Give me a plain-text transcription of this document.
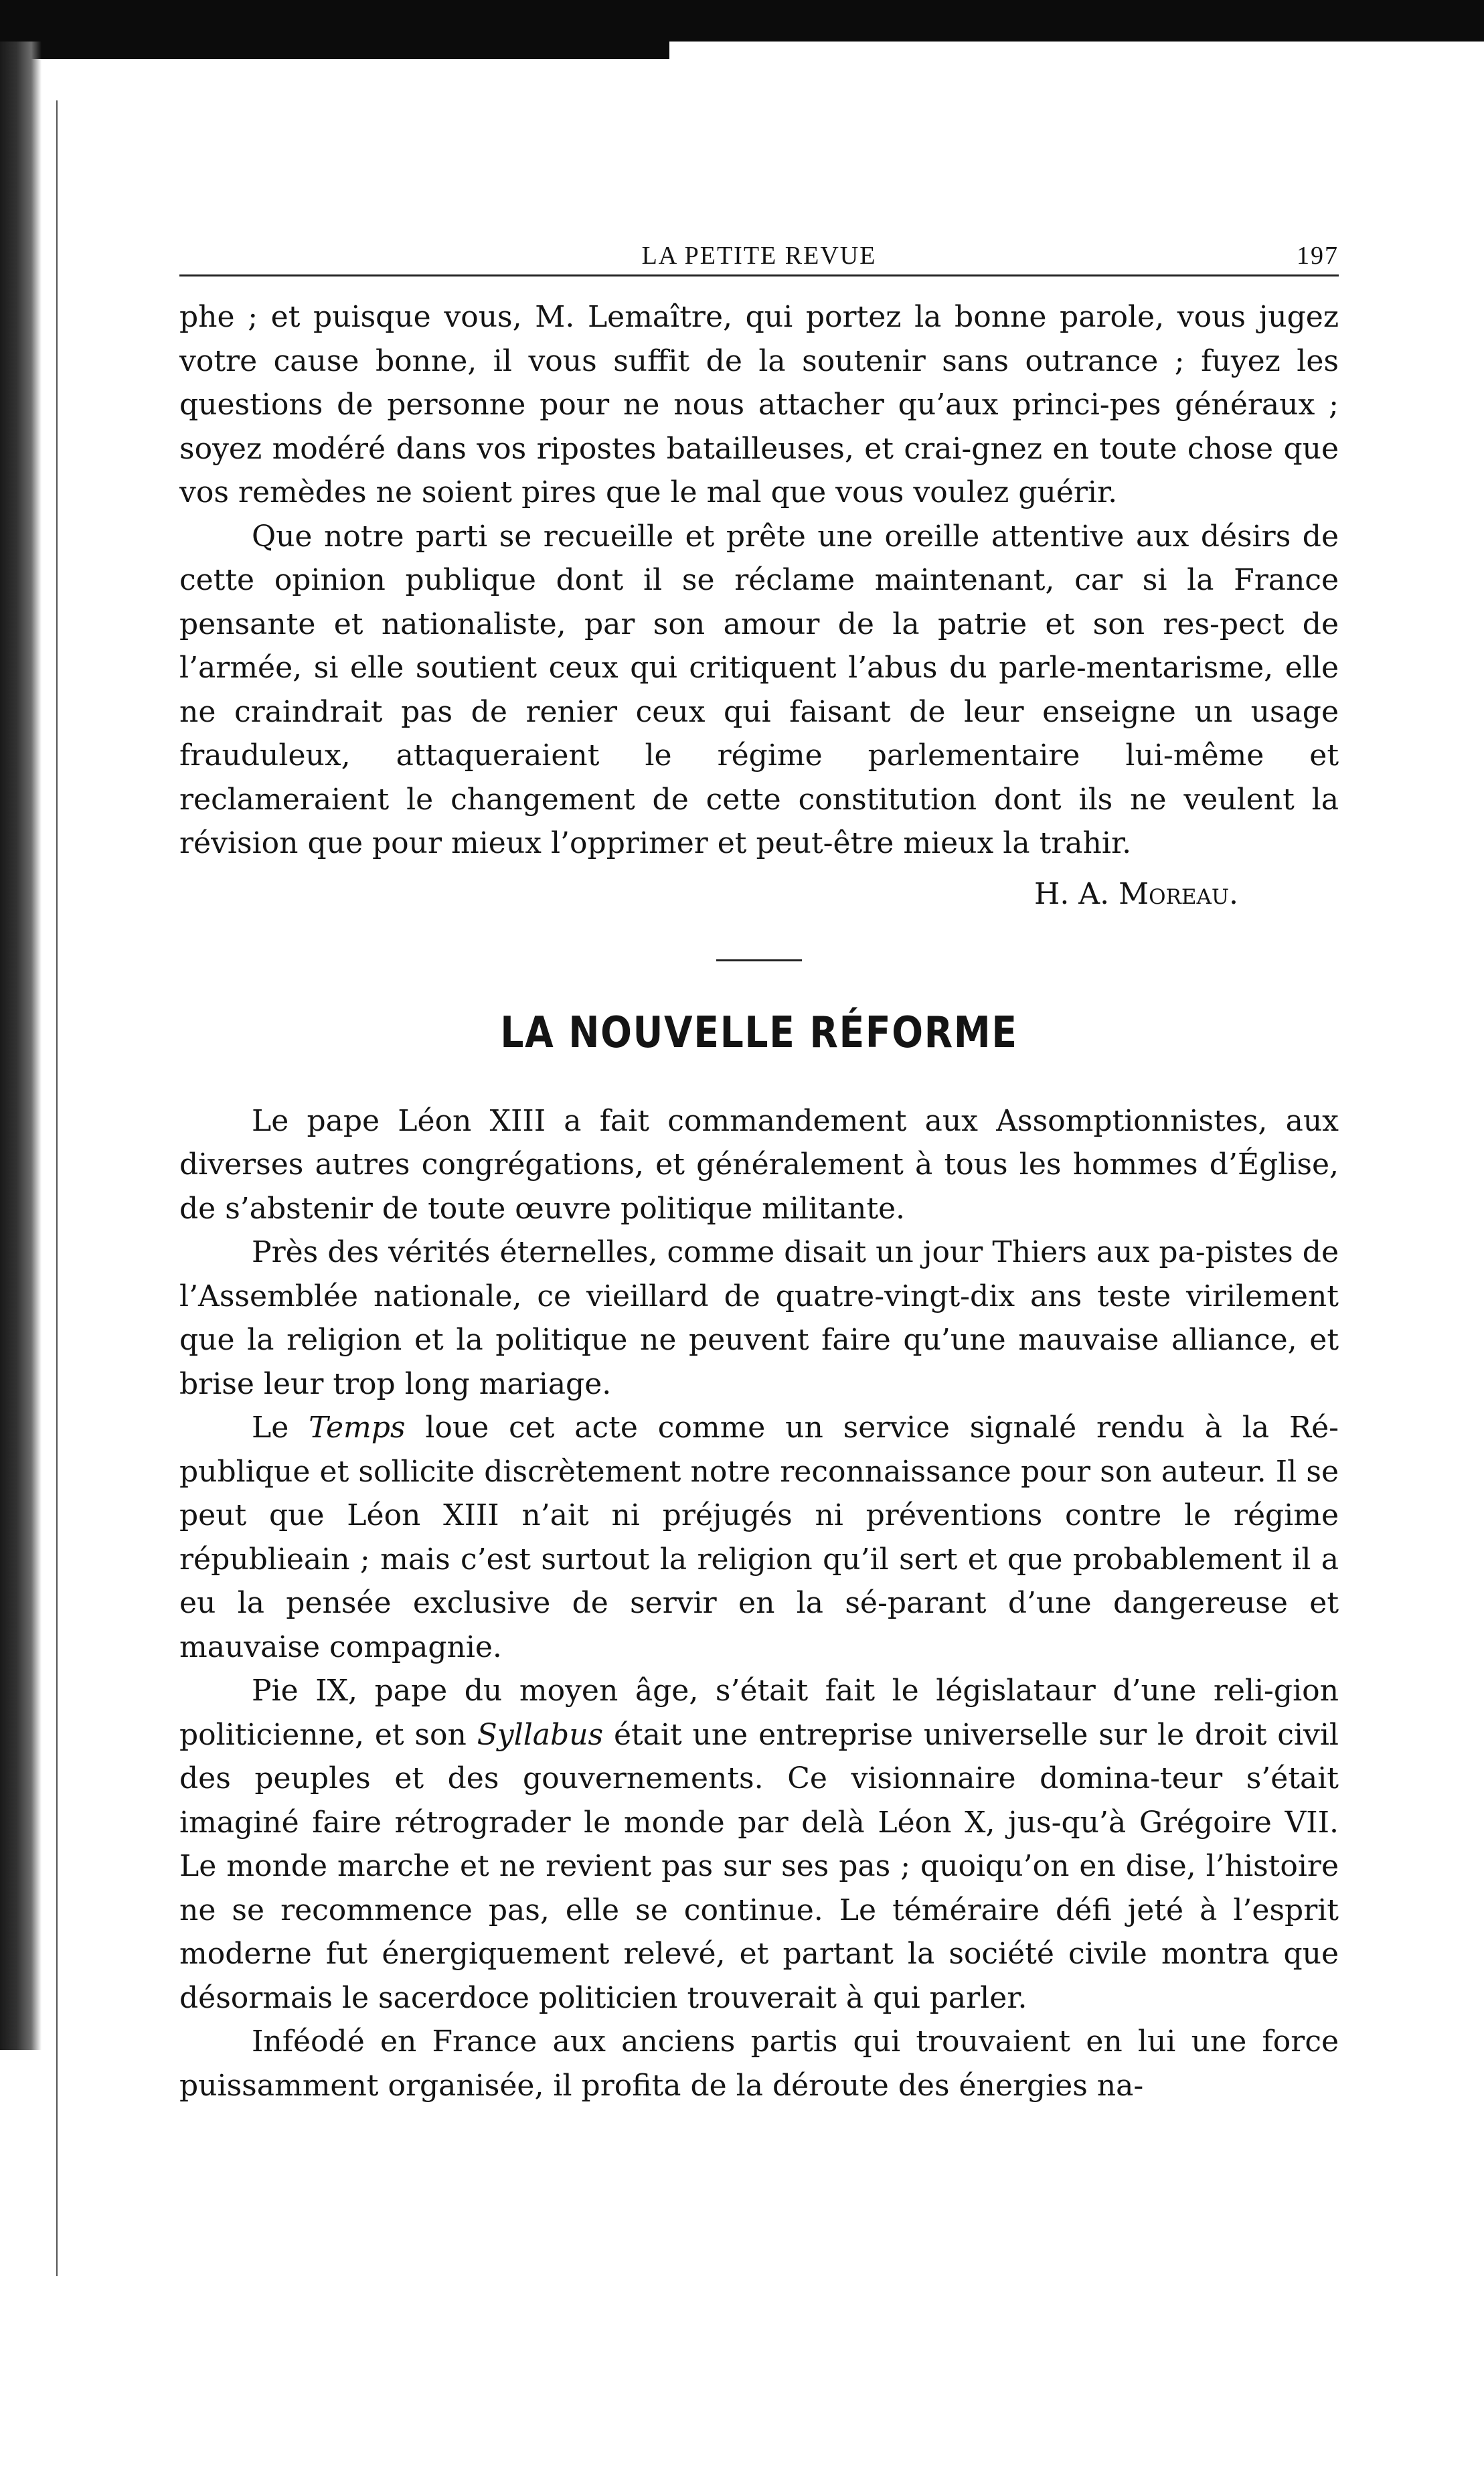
LA PETITE REVUE	197

phe ; et puisque vous, M. Lemaître, qui portez la bonne parole, vous jugez votre cause bonne, il vous suffit de la soutenir sans outrance ; fuyez les questions de personne pour ne nous attacher qu’aux princi-pes généraux ; soyez modéré dans vos ripostes batailleuses, et crai-gnez en toute chose que vos remèdes ne soient pires que le mal que vous voulez guérir.

Que notre parti se recueille et prête une oreille attentive aux désirs de cette opinion publique dont il se réclame maintenant, car si la France pensante et nationaliste, par son amour de la patrie et son res-pect de l’armée, si elle soutient ceux qui critiquent l’abus du parle-mentarisme, elle ne craindrait pas de renier ceux qui faisant de leur enseigne un usage frauduleux, attaqueraient le régime parlementaire lui-même et reclameraient le changement de cette constitution dont ils ne veulent la révision que pour mieux l’opprimer et peut-être mieux la trahir.

H. A. Moreau.
LA NOUVELLE RÉFORME

Le pape Léon XIII a fait commandement aux Assomptionnistes, aux diverses autres congrégations, et généralement à tous les hommes d’Église, de s’abstenir de toute œuvre politique militante.

Près des vérités éternelles, comme disait un jour Thiers aux pa-pistes de l’Assemblée nationale, ce vieillard de quatre-vingt-dix ans teste virilement que la religion et la politique ne peuvent faire qu’une mauvaise alliance, et brise leur trop long mariage.

Le Temps loue cet acte comme un service signalé rendu à la Ré-publique et sollicite discrètement notre reconnaissance pour son auteur. Il se peut que Léon XIII n’ait ni préjugés ni préventions contre le régime républieain ; mais c’est surtout la religion qu’il sert et que probablement il a eu la pensée exclusive de servir en la sé-parant d’une dangereuse et mauvaise compagnie.

Pie IX, pape du moyen âge, s’était fait le législataur d’une reli-gion politicienne, et son Syllabus était une entreprise universelle sur le droit civil des peuples et des gouvernements. Ce visionnaire domina-teur s’était imaginé faire rétrograder le monde par delà Léon X, jus-qu’à Grégoire VII. Le monde marche et ne revient pas sur ses pas ; quoiqu’on en dise, l’histoire ne se recommence pas, elle se continue. Le téméraire défi jeté à l’esprit moderne fut énergiquement relevé, et partant la société civile montra que désormais le sacerdoce politicien trouverait à qui parler.

Inféodé en France aux anciens partis qui trouvaient en lui une force puissamment organisée, il profita de la déroute des énergies na-
